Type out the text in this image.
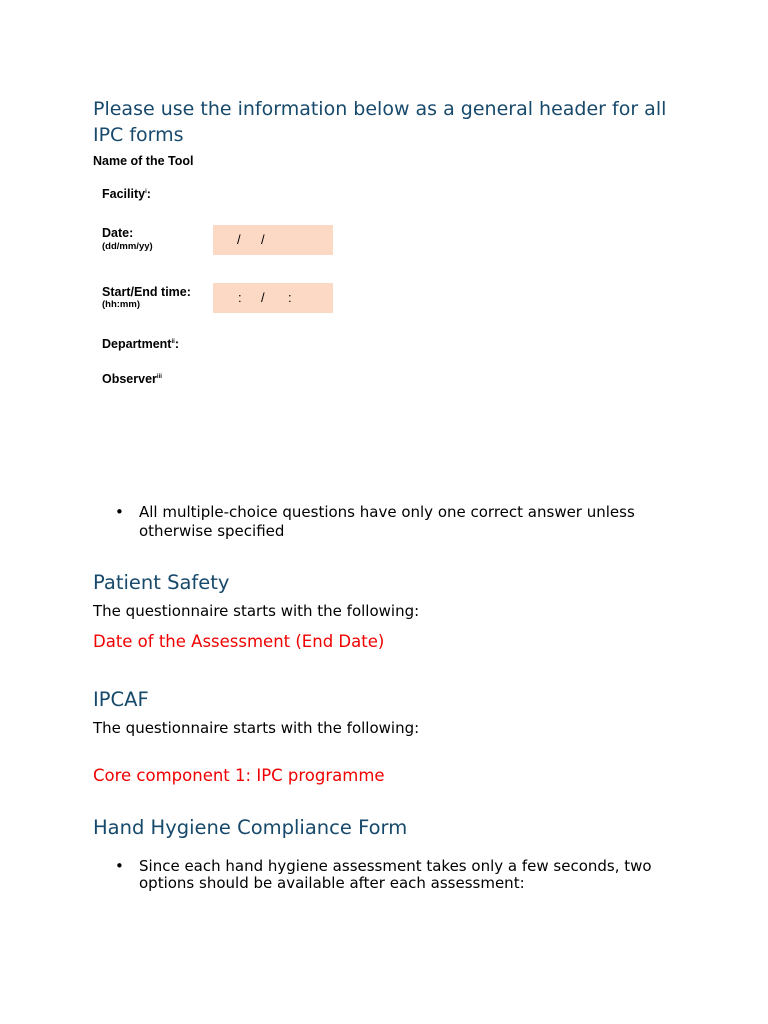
Please use the information below as a general header for all IPC forms
Name of the Tool
Facility$^i$:
Date:
(dd/mm/yy)	/ /
Start/End time:
(hh:mm)	: / :
Department$^{ii}$:
Observer$^{iii}$
• All multiple-choice questions have only one correct answer unless otherwise specified
Patient Safety
The questionnaire starts with the following:
Date of the Assessment (End Date)
IPCAF
The questionnaire starts with the following:
Core component 1: IPC programme
Hand Hygiene Compliance Form
• Since each hand hygiene assessment takes only a few seconds, two options should be available after each assessment:
